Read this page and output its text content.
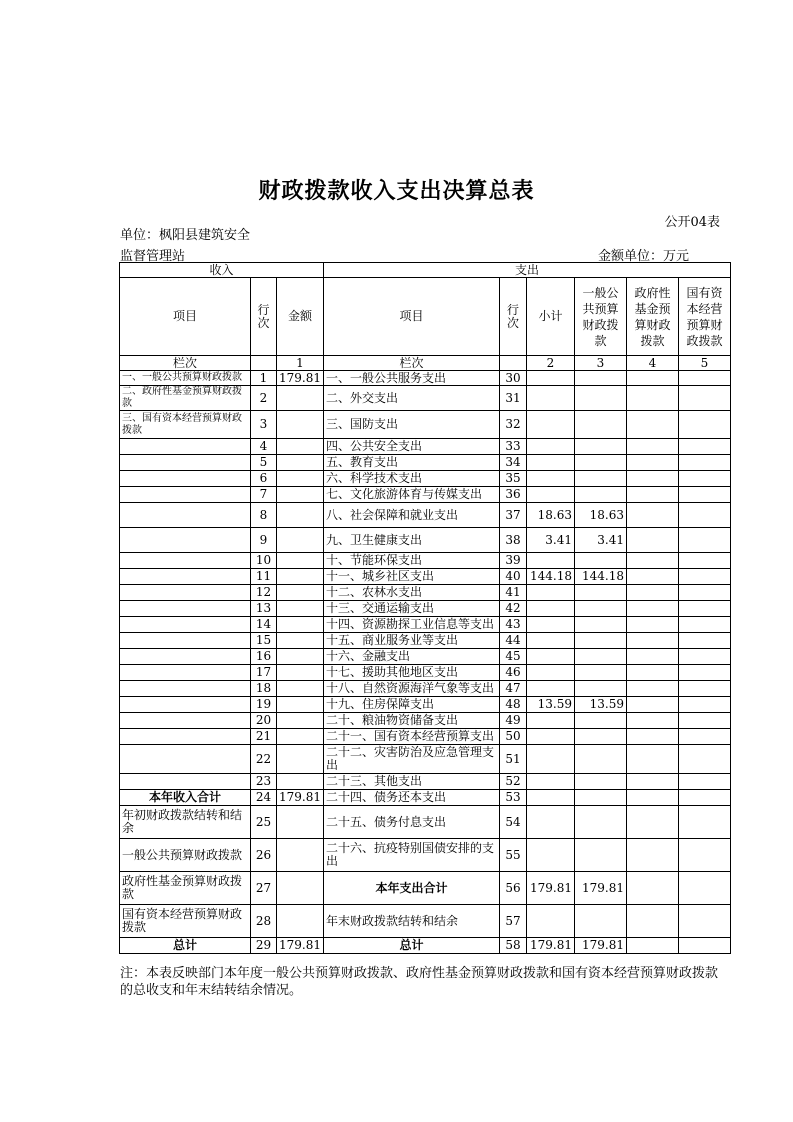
财政拨款收入支出决算总表
公开04表
单位：枫阳县建筑安全
监督管理站	金额单位：万元
收入			支出					
项目	行次	金额	项目	行次	小计	一般公共预算财政拨款	政府性基金预算财政拨款	国有资本经营预算财政拨款
栏次		1	栏次		2	3	4	5
一、一般公共预算财政拨款	1	179.81	一、一般公共服务支出	30				
二、政府性基金预算财政拨款	2		二、外交支出	31				
三、国有资本经营预算财政拨款	3		三、国防支出	32				
	4		四、公共安全支出	33				
	5		五、教育支出	34				
	6		六、科学技术支出	35				
	7		七、文化旅游体育与传媒支出	36				
	8		八、社会保障和就业支出	37	18.63	18.63		
	9		九、卫生健康支出	38	3.41	3.41		
	10		十、节能环保支出	39				
	11		十一、城乡社区支出	40	144.18	144.18		
	12		十二、农林水支出	41				
	13		十三、交通运输支出	42				
	14		十四、资源勘探工业信息等支出	43				
	15		十五、商业服务业等支出	44				
	16		十六、金融支出	45				
	17		十七、援助其他地区支出	46				
	18		十八、自然资源海洋气象等支出	47				
	19		十九、住房保障支出	48	13.59	13.59		
	20		二十、粮油物资储备支出	49				
	21		二十一、国有资本经营预算支出	50				
	22		二十二、灾害防治及应急管理支出	51				
	23		二十三、其他支出	52				
本年收入合计	24	179.81	二十四、债务还本支出	53				
年初财政拨款结转和结余	25		二十五、债务付息支出	54				
一般公共预算财政拨款	26		二十六、抗疫特别国债安排的支出	55				
政府性基金预算财政拨款	27		本年支出合计	56	179.81	179.81		
国有资本经营预算财政拨款	28		年末财政拨款结转和结余	57				
总计	29	179.81	总计	58	179.81	179.81		
注：本表反映部门本年度一般公共预算财政拨款、政府性基金预算财政拨款和国有资本经营预算财政拨款的总收支和年末结转结余情况。
